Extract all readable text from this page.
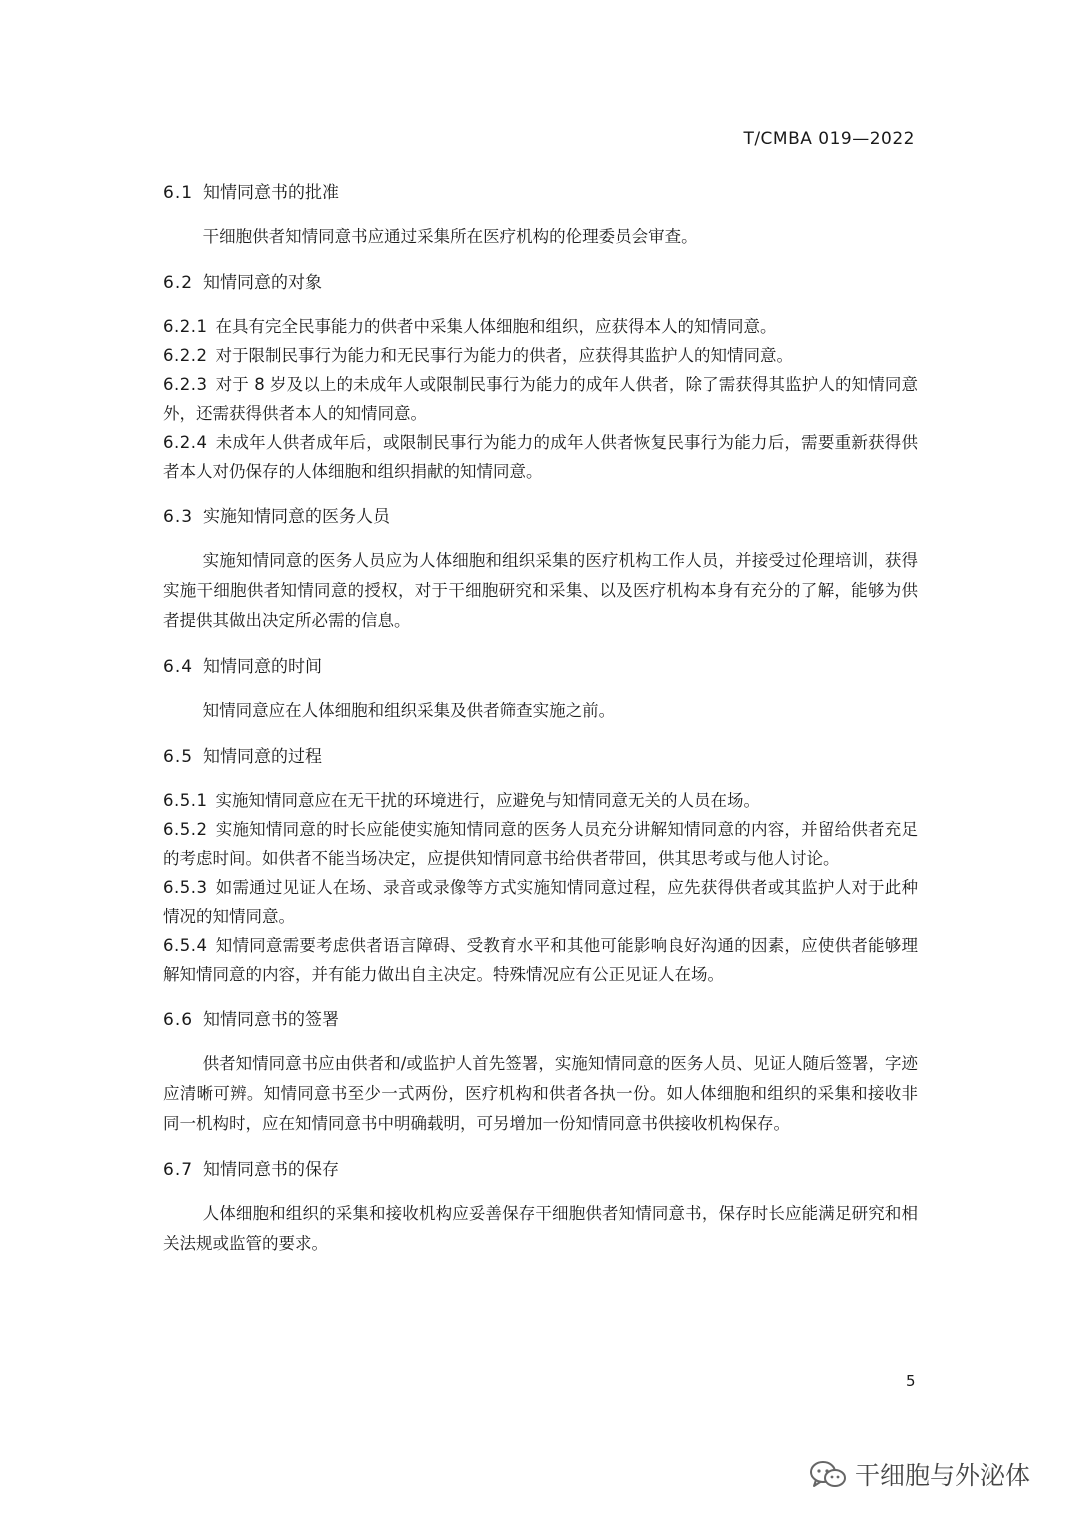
T/CMBA 019—2022
6.1 知情同意书的批准

干细胞供者知情同意书应通过采集所在医疗机构的伦理委员会审查。

6.2 知情同意的对象

6.2.1 在具有完全民事能力的供者中采集人体细胞和组织，应获得本人的知情同意。

6.2.2 对于限制民事行为能力和无民事行为能力的供者，应获得其监护人的知情同意。

6.2.3 对于 8 岁及以上的未成年人或限制民事行为能力的成年人供者，除了需获得其监护人的知情同意外，还需获得供者本人的知情同意。

6.2.4 未成年人供者成年后，或限制民事行为能力的成年人供者恢复民事行为能力后，需要重新获得供者本人对仍保存的人体细胞和组织捐献的知情同意。

6.3 实施知情同意的医务人员

实施知情同意的医务人员应为人体细胞和组织采集的医疗机构工作人员，并接受过伦理培训，获得实施干细胞供者知情同意的授权，对于干细胞研究和采集、以及医疗机构本身有充分的了解，能够为供者提供其做出决定所必需的信息。

6.4 知情同意的时间

知情同意应在人体细胞和组织采集及供者筛查实施之前。

6.5 知情同意的过程

6.5.1 实施知情同意应在无干扰的环境进行，应避免与知情同意无关的人员在场。

6.5.2 实施知情同意的时长应能使实施知情同意的医务人员充分讲解知情同意的内容，并留给供者充足的考虑时间。如供者不能当场决定，应提供知情同意书给供者带回，供其思考或与他人讨论。

6.5.3 如需通过见证人在场、录音或录像等方式实施知情同意过程，应先获得供者或其监护人对于此种情况的知情同意。

6.5.4 知情同意需要考虑供者语言障碍、受教育水平和其他可能影响良好沟通的因素，应使供者能够理解知情同意的内容，并有能力做出自主决定。特殊情况应有公正见证人在场。

6.6 知情同意书的签署

供者知情同意书应由供者和/或监护人首先签署，实施知情同意的医务人员、见证人随后签署，字迹应清晰可辨。知情同意书至少一式两份，医疗机构和供者各执一份。如人体细胞和组织的采集和接收非同一机构时，应在知情同意书中明确载明，可另增加一份知情同意书供接收机构保存。

6.7 知情同意书的保存

人体细胞和组织的采集和接收机构应妥善保存干细胞供者知情同意书，保存时长应能满足研究和相关法规或监管的要求。

5
干细胞与外泌体
